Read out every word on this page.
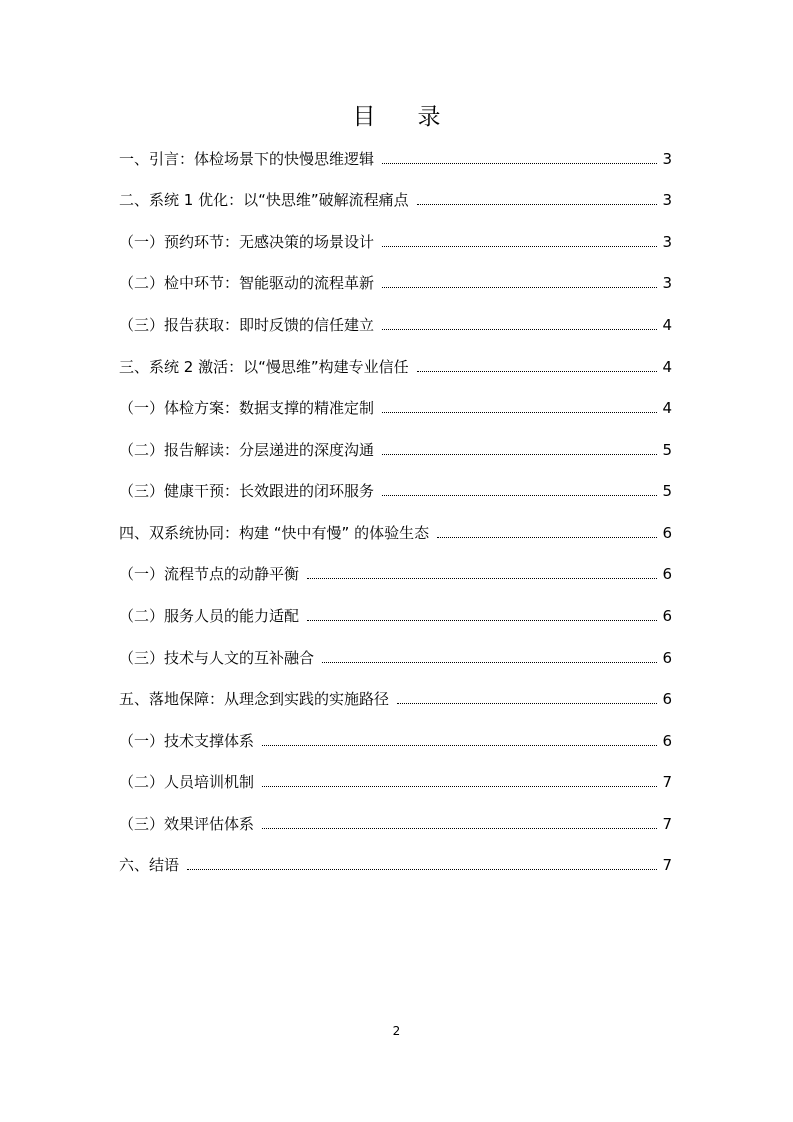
目 录
一、引言：体检场景下的快慢思维逻辑	3
二、系统 1 优化：以“快思维”破解流程痛点	3
（一）预约环节：无感决策的场景设计	3
（二）检中环节：智能驱动的流程革新	3
（三）报告获取：即时反馈的信任建立	4
三、系统 2 激活：以“慢思维”构建专业信任	4
（一）体检方案：数据支撑的精准定制	4
（二）报告解读：分层递进的深度沟通	5
（三）健康干预：长效跟进的闭环服务	5
四、双系统协同：构建 “快中有慢” 的体验生态	6
（一）流程节点的动静平衡	6
（二）服务人员的能力适配	6
（三）技术与人文的互补融合	6
五、落地保障：从理念到实践的实施路径	6
（一）技术支撑体系	6
（二）人员培训机制	7
（三）效果评估体系	7
六、结语	7
2
